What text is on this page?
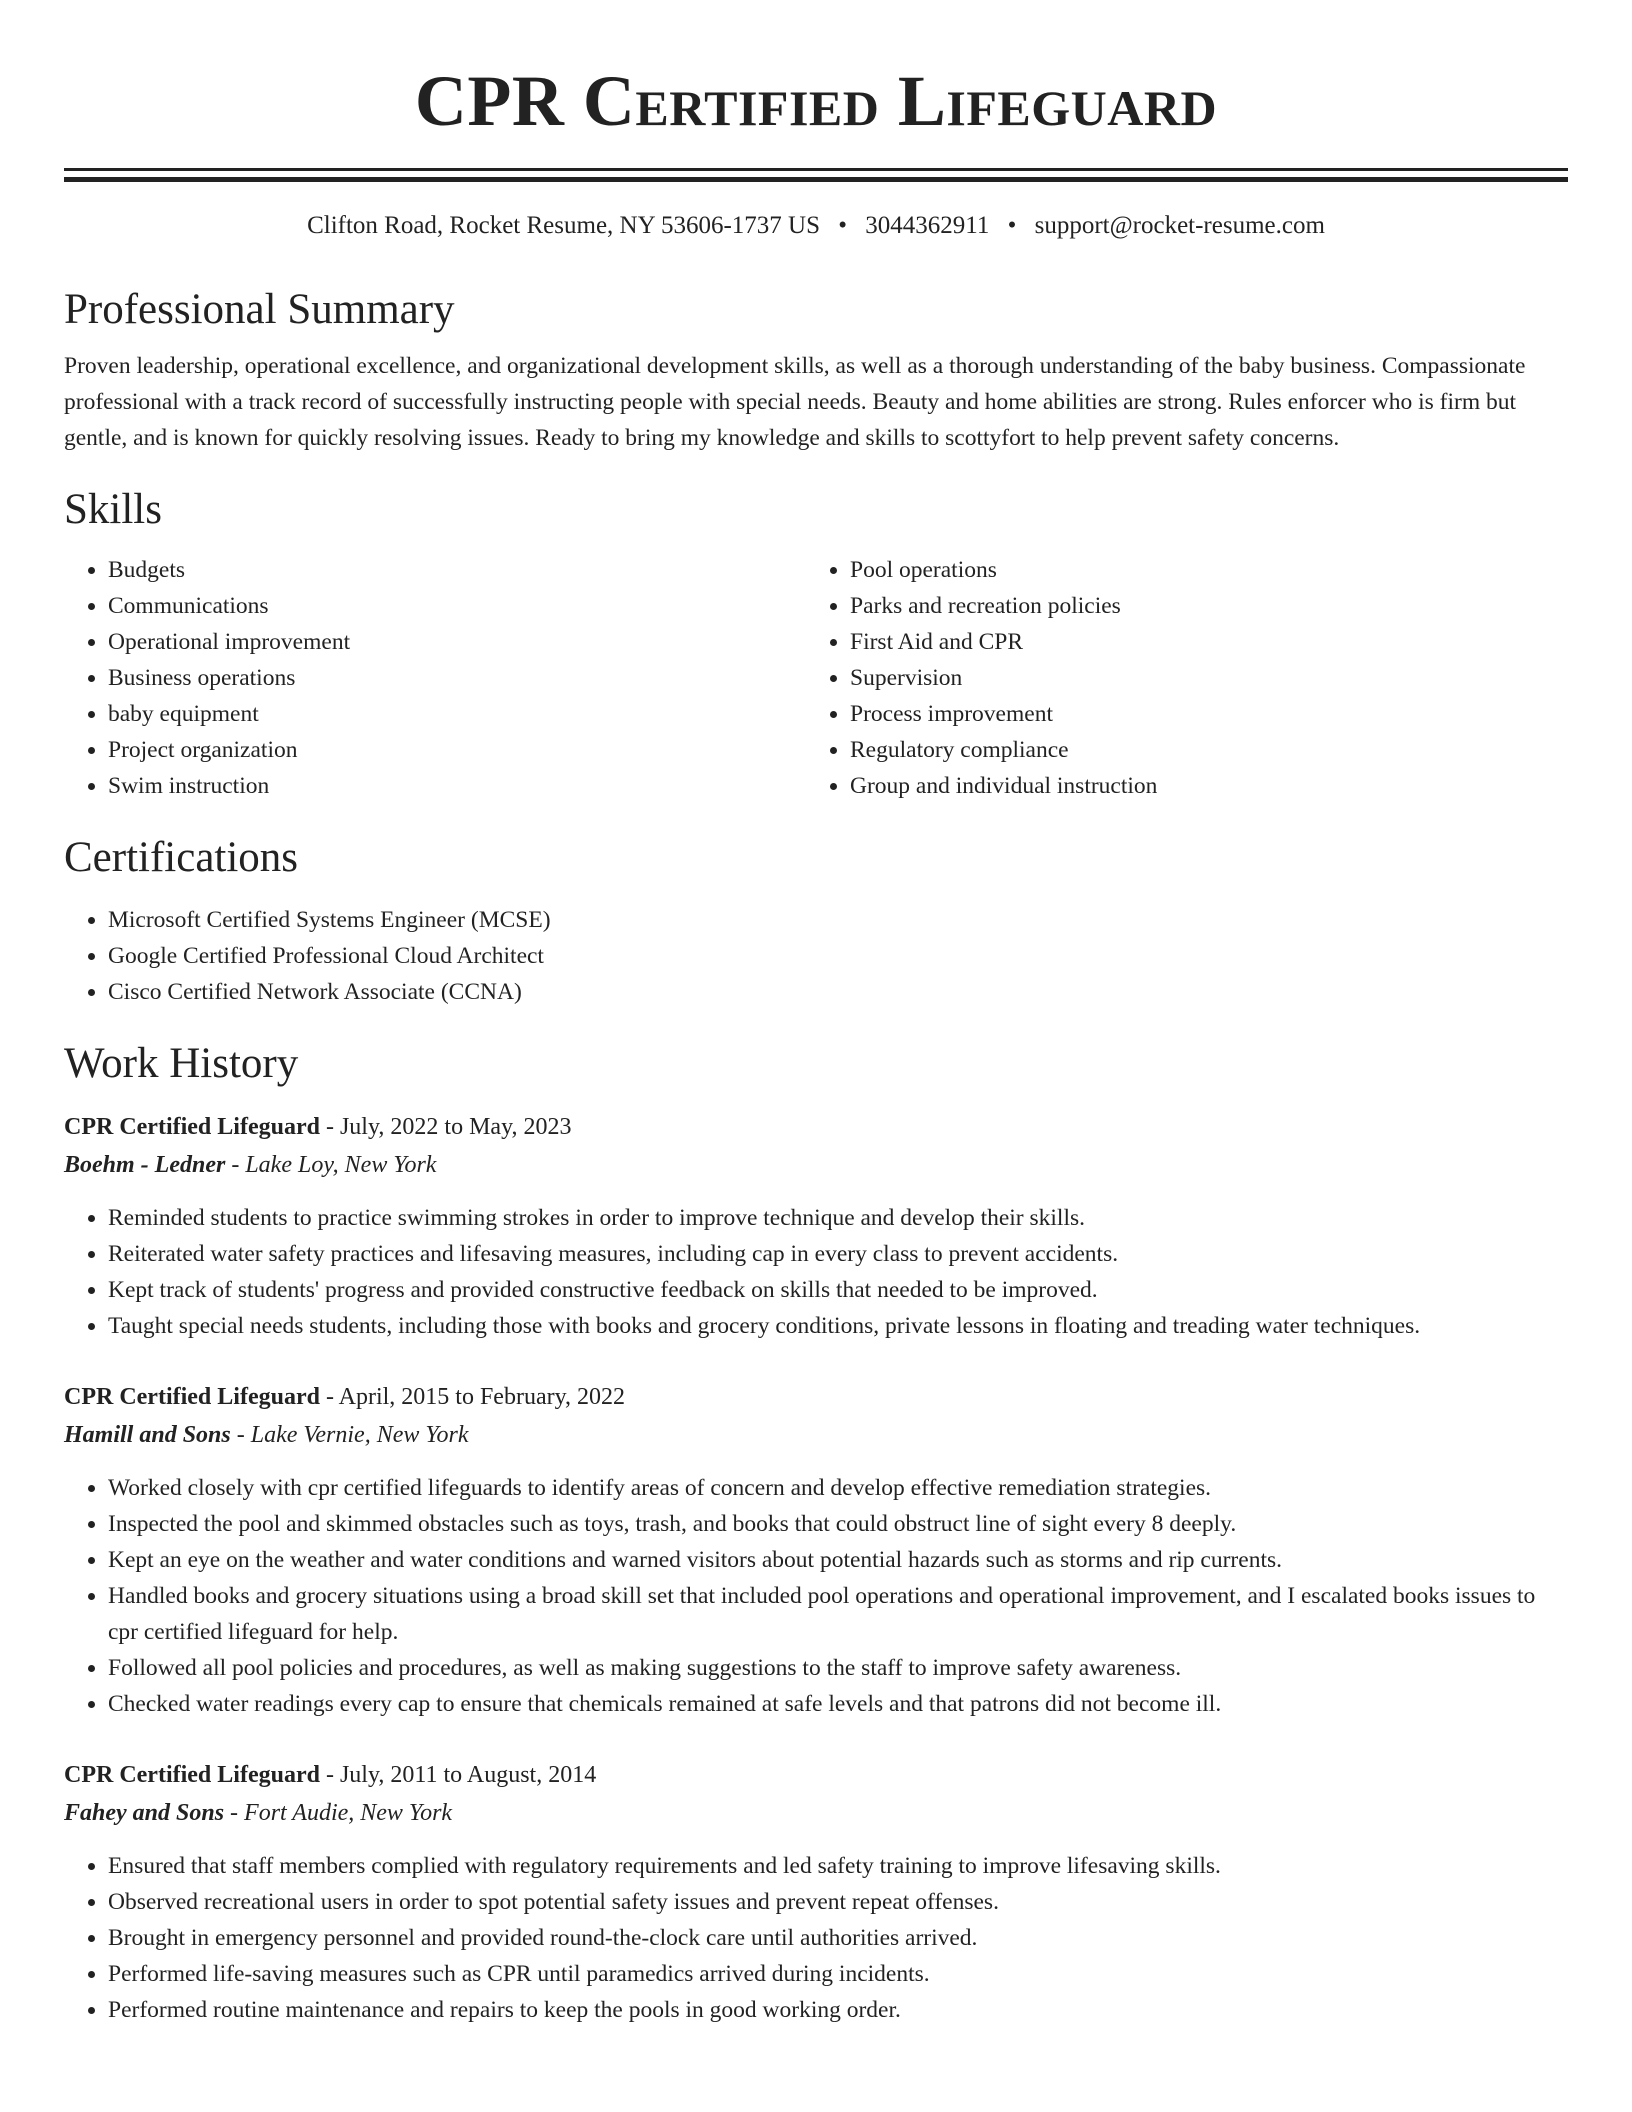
CPR Certified Lifeguard
Clifton Road, Rocket Resume, NY 53606-1737 US • 3044362911 • support@rocket-resume.com
Professional Summary
Proven leadership, operational excellence, and organizational development skills, as well as a thorough understanding of the baby business. Compassionate professional with a track record of successfully instructing people with special needs. Beauty and home abilities are strong. Rules enforcer who is firm but gentle, and is known for quickly resolving issues. Ready to bring my knowledge and skills to scottyfort to help prevent safety concerns.
Skills
• Budgets
• Communications
• Operational improvement
• Business operations
• baby equipment
• Project organization
• Swim instruction
• Pool operations
• Parks and recreation policies
• First Aid and CPR
• Supervision
• Process improvement
• Regulatory compliance
• Group and individual instruction
Certifications
• Microsoft Certified Systems Engineer (MCSE)
• Google Certified Professional Cloud Architect
• Cisco Certified Network Associate (CCNA)
Work History
CPR Certified Lifeguard - July, 2022 to May, 2023
Boehm - Ledner - Lake Loy, New York
• Reminded students to practice swimming strokes in order to improve technique and develop their skills.
• Reiterated water safety practices and lifesaving measures, including cap in every class to prevent accidents.
• Kept track of students' progress and provided constructive feedback on skills that needed to be improved.
• Taught special needs students, including those with books and grocery conditions, private lessons in floating and treading water techniques.
CPR Certified Lifeguard - April, 2015 to February, 2022
Hamill and Sons - Lake Vernie, New York
• Worked closely with cpr certified lifeguards to identify areas of concern and develop effective remediation strategies.
• Inspected the pool and skimmed obstacles such as toys, trash, and books that could obstruct line of sight every 8 deeply.
• Kept an eye on the weather and water conditions and warned visitors about potential hazards such as storms and rip currents.
• Handled books and grocery situations using a broad skill set that included pool operations and operational improvement, and I escalated books issues to cpr certified lifeguard for help.
• Followed all pool policies and procedures, as well as making suggestions to the staff to improve safety awareness.
• Checked water readings every cap to ensure that chemicals remained at safe levels and that patrons did not become ill.
CPR Certified Lifeguard - July, 2011 to August, 2014
Fahey and Sons - Fort Audie, New York
• Ensured that staff members complied with regulatory requirements and led safety training to improve lifesaving skills.
• Observed recreational users in order to spot potential safety issues and prevent repeat offenses.
• Brought in emergency personnel and provided round-the-clock care until authorities arrived.
• Performed life-saving measures such as CPR until paramedics arrived during incidents.
• Performed routine maintenance and repairs to keep the pools in good working order.
